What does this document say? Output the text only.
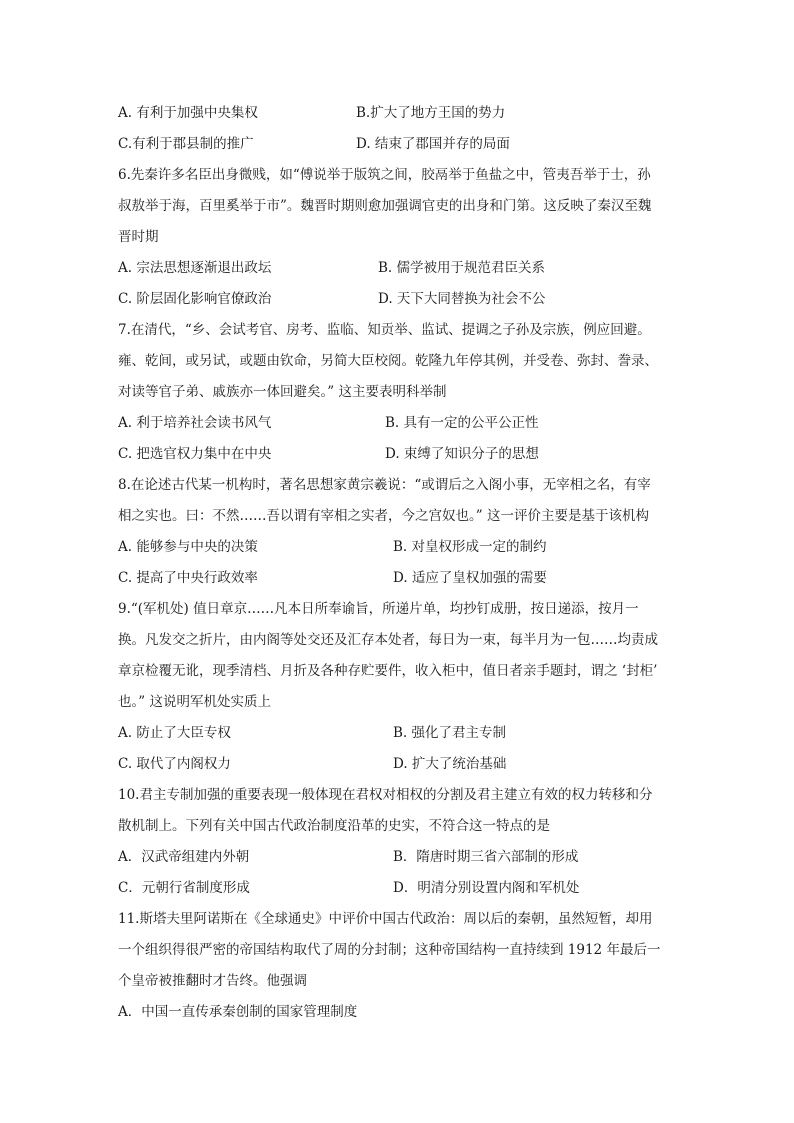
A. 有利于加强中央集权	B.扩大了地方王国的势力
C.有利于郡县制的推广	D. 结束了郡国并存的局面
6.先秦许多名臣出身微贱，如“傅说举于版筑之间，胶鬲举于鱼盐之中，管夷吾举于士，孙
叔敖举于海，百里奚举于市”。魏晋时期则愈加强调官吏的出身和门第。这反映了秦汉至魏
晋时期
A. 宗法思想逐渐退出政坛	B. 儒学被用于规范君臣关系
C. 阶层固化影响官僚政治	D. 天下大同替换为社会不公
7.在清代，“乡、会试考官、房考、监临、知贡举、监试、提调之子孙及宗族，例应回避。
雍、乾间，或另试，或题由钦命，另简大臣校阅。乾隆九年停其例，并受卷、弥封、誊录、
对读等官子弟、戚族亦一体回避矣。” 这主要表明科举制
A. 利于培养社会读书风气	B. 具有一定的公平公正性
C. 把选官权力集中在中央	D. 束缚了知识分子的思想
8.在论述古代某一机构时，著名思想家黄宗羲说：“或谓后之入阁小事，无宰相之名，有宰
相之实也。曰：不然……吾以谓有宰相之实者，今之宫奴也。” 这一评价主要是基于该机构
A. 能够参与中央的决策	B. 对皇权形成一定的制约
C. 提高了中央行政效率	D. 适应了皇权加强的需要
9.“(军机处) 值日章京……凡本日所奉谕旨，所递片单，均抄钉成册，按日递添，按月一
换。凡发交之折片，由内阁等处交还及汇存本处者，每日为一束，每半月为一包……均责成
章京检覆无讹，现季清档、月折及各种存贮要件，收入柜中，值日者亲手题封，谓之 ‘封柜’
也。” 这说明军机处实质上
A. 防止了大臣专权	B. 强化了君主专制
C. 取代了内阁权力	D. 扩大了统治基础
10.君主专制加强的重要表现一般体现在君权对相权的分割及君主建立有效的权力转移和分
散机制上。下列有关中国古代政治制度沿革的史实，不符合这一特点的是
A．汉武帝组建内外朝	B．隋唐时期三省六部制的形成
C．元朝行省制度形成	D．明清分别设置内阁和军机处
11.斯塔夫里阿诺斯在《全球通史》中评价中国古代政治：周以后的秦朝，虽然短暂，却用
一个组织得很严密的帝国结构取代了周的分封制；这种帝国结构一直持续到 1912 年最后一
个皇帝被推翻时才告终。他强调
A．中国一直传承秦创制的国家管理制度
